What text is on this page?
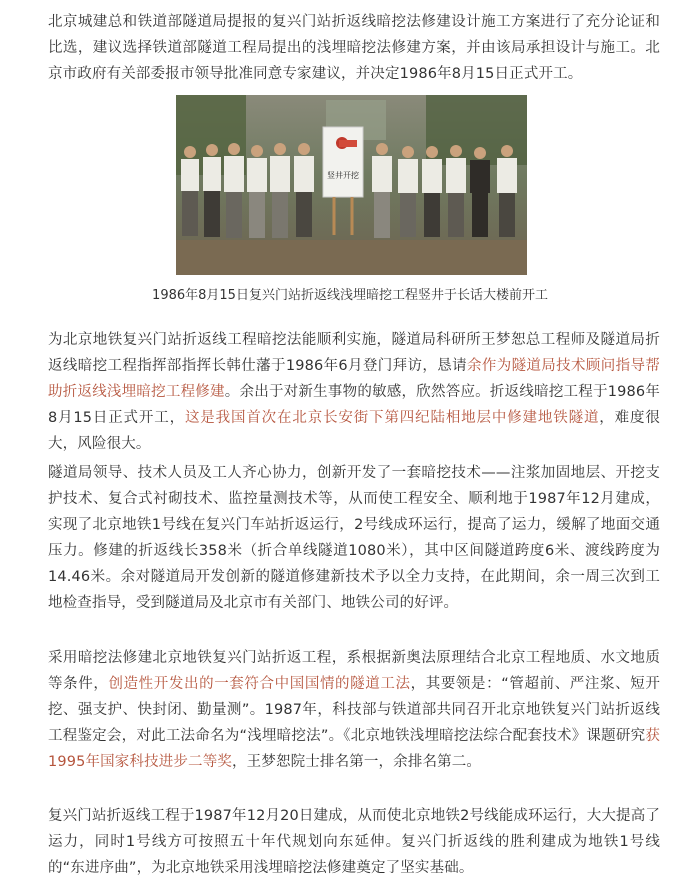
北京城建总和铁道部隧道局提报的复兴门站折返线暗挖法修建设计施工方案进行了充分论证和比选，建议选择铁道部隧道工程局提出的浅埋暗挖法修建方案，并由该局承担设计与施工。北京市政府有关部委报市领导批准同意专家建议，并决定1986年8月15日正式开工。

竖井开挖
1986年8月15日复兴门站折返线浅埋暗挖工程竖井于长话大楼前开工

为北京地铁复兴门站折返线工程暗挖法能顺利实施，隧道局科研所王梦恕总工程师及隧道局折返线暗挖工程指挥部指挥长韩仕藩于1986年6月登门拜访，恳请余作为隧道局技术顾问指导帮助折返线浅埋暗挖工程修建。余出于对新生事物的敏感，欣然答应。折返线暗挖工程于1986年8月15日正式开工，这是我国首次在北京长安街下第四纪陆相地层中修建地铁隧道，难度很大，风险很大。

隧道局领导、技术人员及工人齐心协力，创新开发了一套暗挖技术——注浆加固地层、开挖支护技术、复合式衬砌技术、监控量测技术等，从而使工程安全、顺利地于1987年12月建成，实现了北京地铁1号线在复兴门车站折返运行，2号线成环运行，提高了运力，缓解了地面交通压力。修建的折返线长358米（折合单线隧道1080米），其中区间隧道跨度6米、渡线跨度为14.46米。余对隧道局开发创新的隧道修建新技术予以全力支持，在此期间，余一周三次到工地检查指导，受到隧道局及北京市有关部门、地铁公司的好评。

采用暗挖法修建北京地铁复兴门站折返工程，系根据新奥法原理结合北京工程地质、水文地质等条件，创造性开发出的一套符合中国国情的隧道工法，其要领是：“管超前、严注浆、短开挖、强支护、快封闭、勤量测”。1987年，科技部与铁道部共同召开北京地铁复兴门站折返线工程鉴定会，对此工法命名为“浅埋暗挖法”。《北京地铁浅埋暗挖法综合配套技术》课题研究获1995年国家科技进步二等奖，王梦恕院士排名第一，余排名第二。

复兴门站折返线工程于1987年12月20日建成，从而使北京地铁2号线能成环运行，大大提高了运力，同时1号线方可按照五十年代规划向东延伸。复兴门折返线的胜利建成为地铁1号线的“东进序曲”，为北京地铁采用浅埋暗挖法修建奠定了坚实基础。
